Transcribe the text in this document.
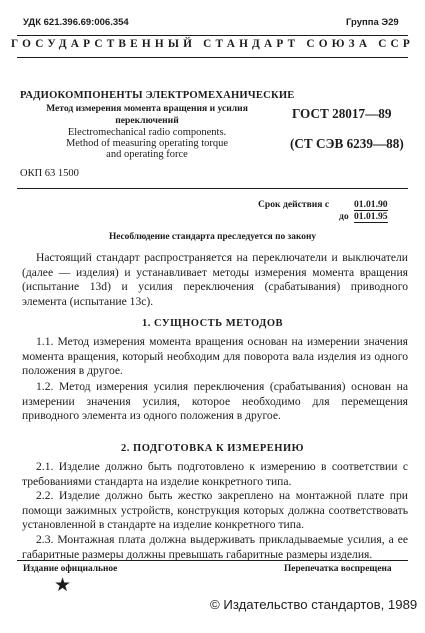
УДК 621.396.69:006.354	Группа Э29
ГОСУДАРСТВЕННЫЙ СТАНДАРТ СОЮЗА ССР
РАДИОКОМПОНЕНТЫ ЭЛЕКТРОМЕХАНИЧЕСКИЕ
Метод измерения момента вращения и усилия
переключений
Electromechanical radio components.
Method of measuring operating torque
and operating force
ГОСТ 28017—89
(СТ СЭВ 6239—88)
ОКП 63 1500
Срок действия с	01.01.90
до 01.01.95
Несоблюдение стандарта преследуется по закону

Настоящий стандарт распространяется на переключатели и выключатели (далее — изделия) и устанавливает методы измерения момента вращения (испытание 13d) и усилия переключения (срабатывания) приводного элемента (испытание 13с).

1. СУЩНОСТЬ МЕТОДОВ

1.1. Метод измерения момента вращения основан на измерении значения момента вращения, который необходим для поворота вала изделия из одного положения в другое.

1.2. Метод измерения усилия переключения (срабатывания) основан на измерении значения усилия, которое необходимо для перемещения приводного элемента из одного положения в другое.

2. ПОДГОТОВКА К ИЗМЕРЕНИЮ

2.1. Изделие должно быть подготовлено к измерению в соответствии с требованиями стандарта на изделие конкретного типа.

2.2. Изделие должно быть жестко закреплено на монтажной плате при помощи зажимных устройств, конструкция которых должна соответствовать установленной в стандарте на изделие конкретного типа.

2.3. Монтажная плата должна выдерживать прикладываемые усилия, а ее габаритные размеры должны превышать габаритные размеры изделия.

Издание официальное	Перепечатка воспрещена
★
© Издательство стандартов, 1989
